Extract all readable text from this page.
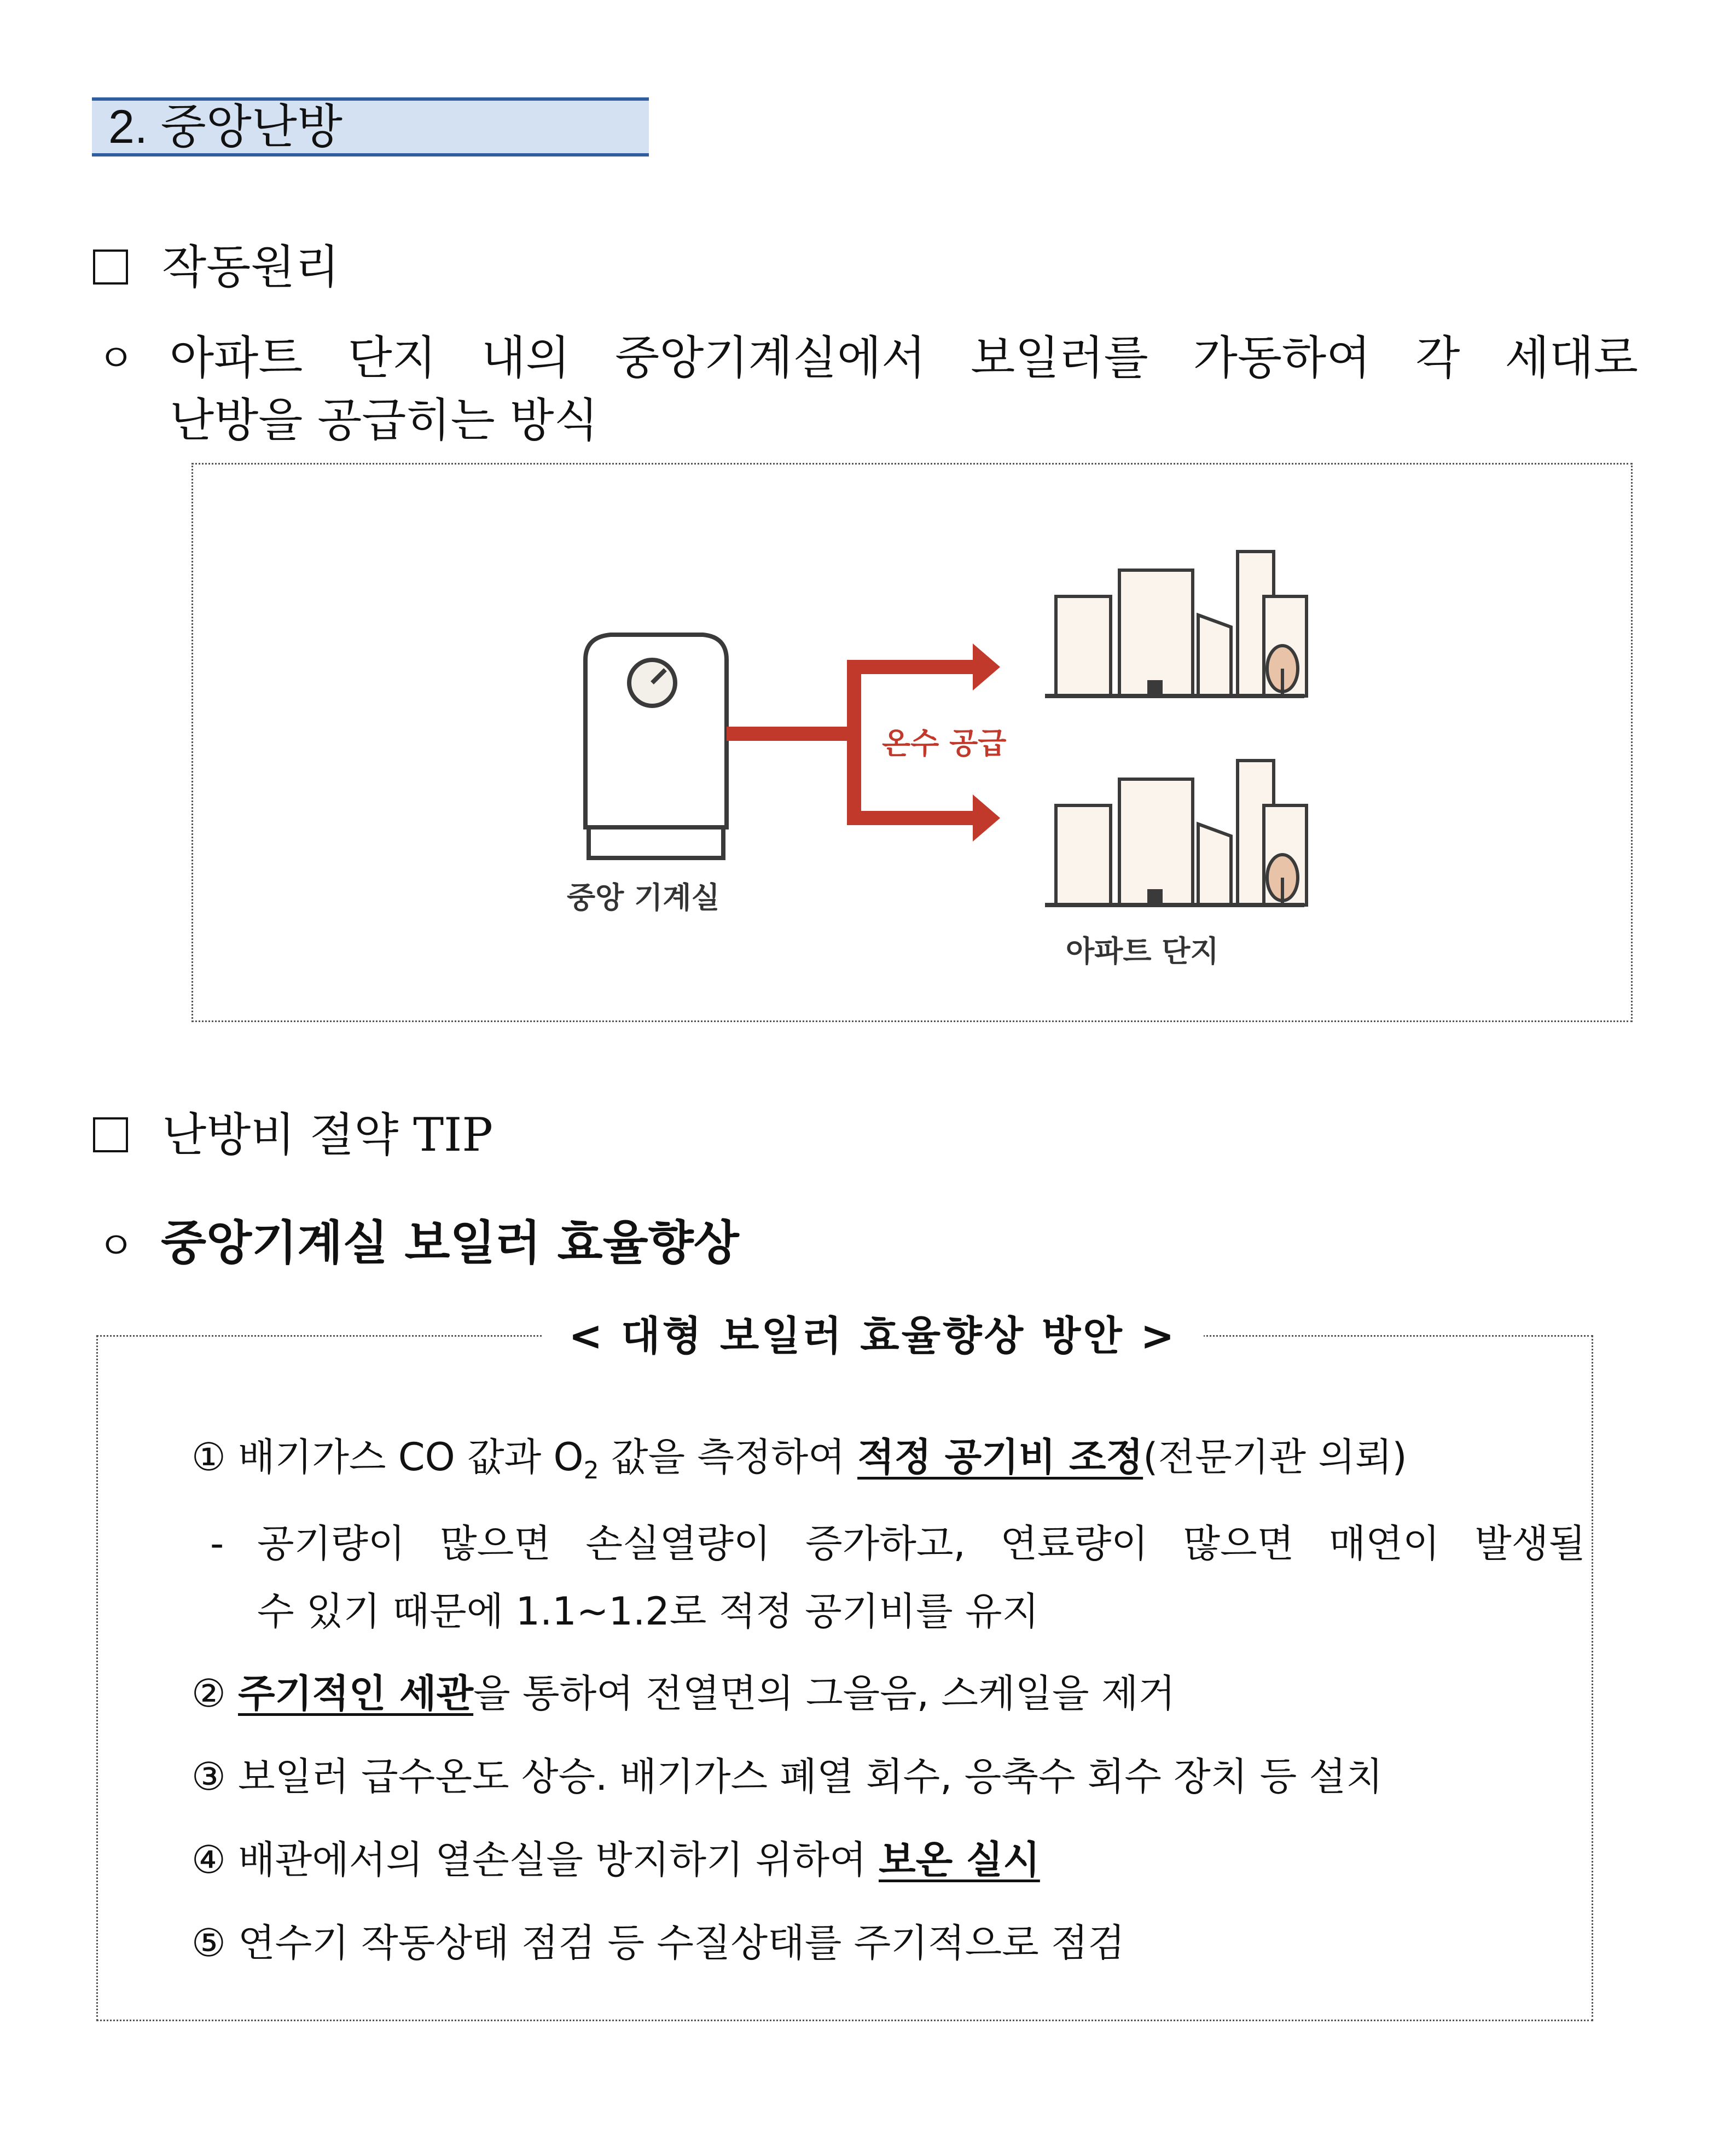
2. 중앙난방
작동원리
ㅇ 아파트 단지 내의 중앙기계실에서 보일러를 가동하여 각 세대로
난방을 공급히는 방식
중앙 기계실
온수 공급
아파트 단지
난방비 절약 TIP
ㅇ 중앙기계실 보일러 효율향상
< 대형 보일러 효율향상 방안 >
① 배기가스 CO 값과 $O_2$ 값을 측정하여 적정 공기비 조정(전문기관 의뢰)
- 공기량이 많으면 손실열량이 증가하고, 연료량이 많으면 매연이 발생될
수 있기 때문에 1.1~1.2로 적정 공기비를 유지
② 주기적인 세관을 통하여 전열면의 그을음, 스케일을 제거
③ 보일러 급수온도 상승. 배기가스 폐열 회수, 응축수 회수 장치 등 설치
④ 배관에서의 열손실을 방지하기 위하여 보온 실시
⑤ 연수기 작동상태 점검 등 수질상태를 주기적으로 점검
